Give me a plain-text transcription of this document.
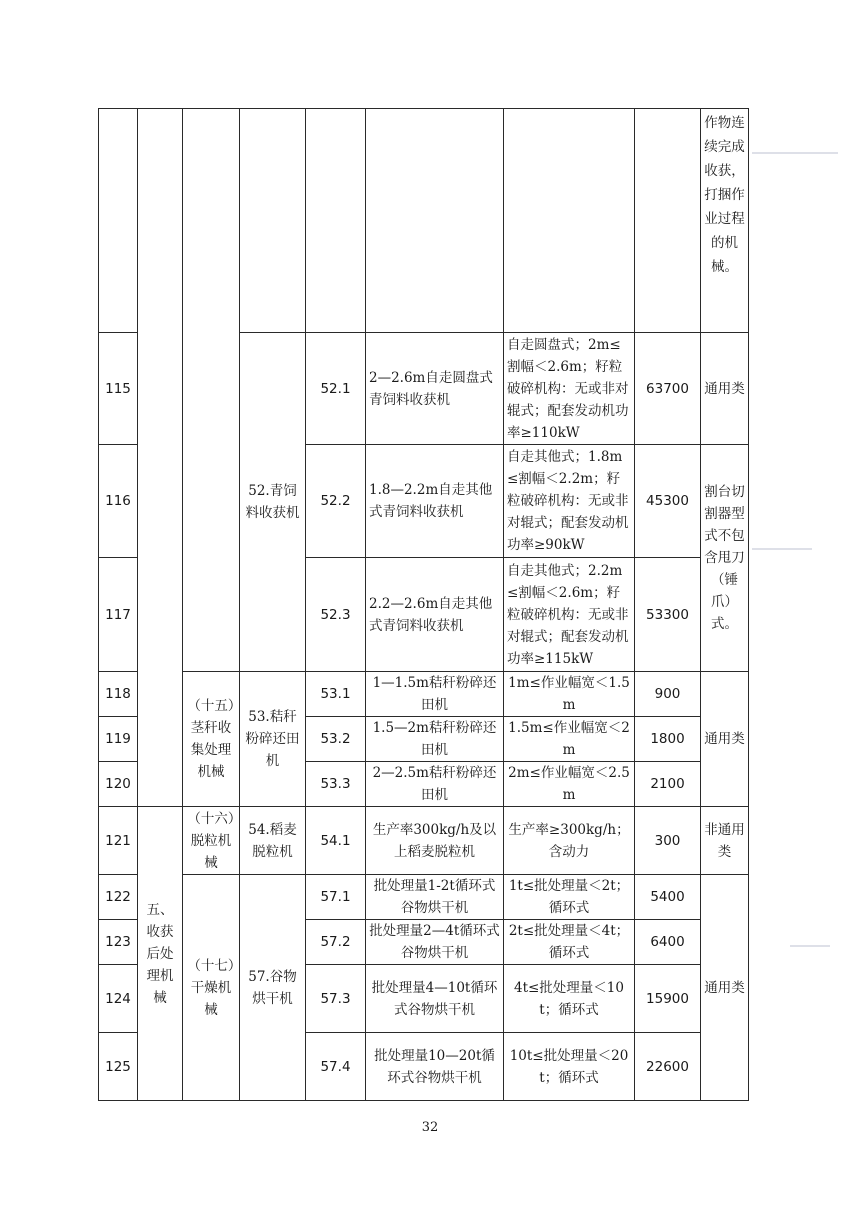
								作物连续完成收获，打捆作业过程的机械。
115			52.青饲料收获机	52.1	2—2.6m自走圆盘式青饲料收获机	自走圆盘式；2m≤割幅＜2.6m；籽粒破碎机构：无或非对辊式；配套发动机功率≥110kW	63700	通用类
116				52.2	1.8—2.2m自走其他式青饲料收获机	自走其他式；1.8m≤割幅＜2.2m；籽粒破碎机构：无或非对辊式；配套发动机功率≥90kW	45300	割台切割器型式不包含甩刀（锤爪）式。
117				52.3	2.2—2.6m自走其他式青饲料收获机	自走其他式；2.2m≤割幅＜2.6m；籽粒破碎机构：无或非对辊式；配套发动机功率≥115kW	53300	
118		（十五）茎秆收集处理机械	53.秸秆粉碎还田机	53.1	1—1.5m秸秆粉碎还田机	1m≤作业幅宽＜1.5m	900	通用类
119				53.2	1.5—2m秸秆粉碎还田机	1.5m≤作业幅宽＜2m	1800	
120				53.3	2—2.5m秸秆粉碎还田机	2m≤作业幅宽＜2.5m	2100	
121	五、收获后处理机械	（十六）脱粒机械	54.稻麦脱粒机	54.1	生产率300kg/h及以上稻麦脱粒机	生产率≥300kg/h；含动力	300	非通用类
122		（十七）干燥机械	57.谷物烘干机	57.1	批处理量1-2t循环式谷物烘干机	1t≤批处理量＜2t；循环式	5400	通用类
123				57.2	批处理量2—4t循环式谷物烘干机	2t≤批处理量＜4t；循环式	6400	
124				57.3	批处理量4—10t循环式谷物烘干机	4t≤批处理量＜10t；循环式	15900	
125				57.4	批处理量10—20t循环式谷物烘干机	10t≤批处理量＜20t；循环式	22600	
32
